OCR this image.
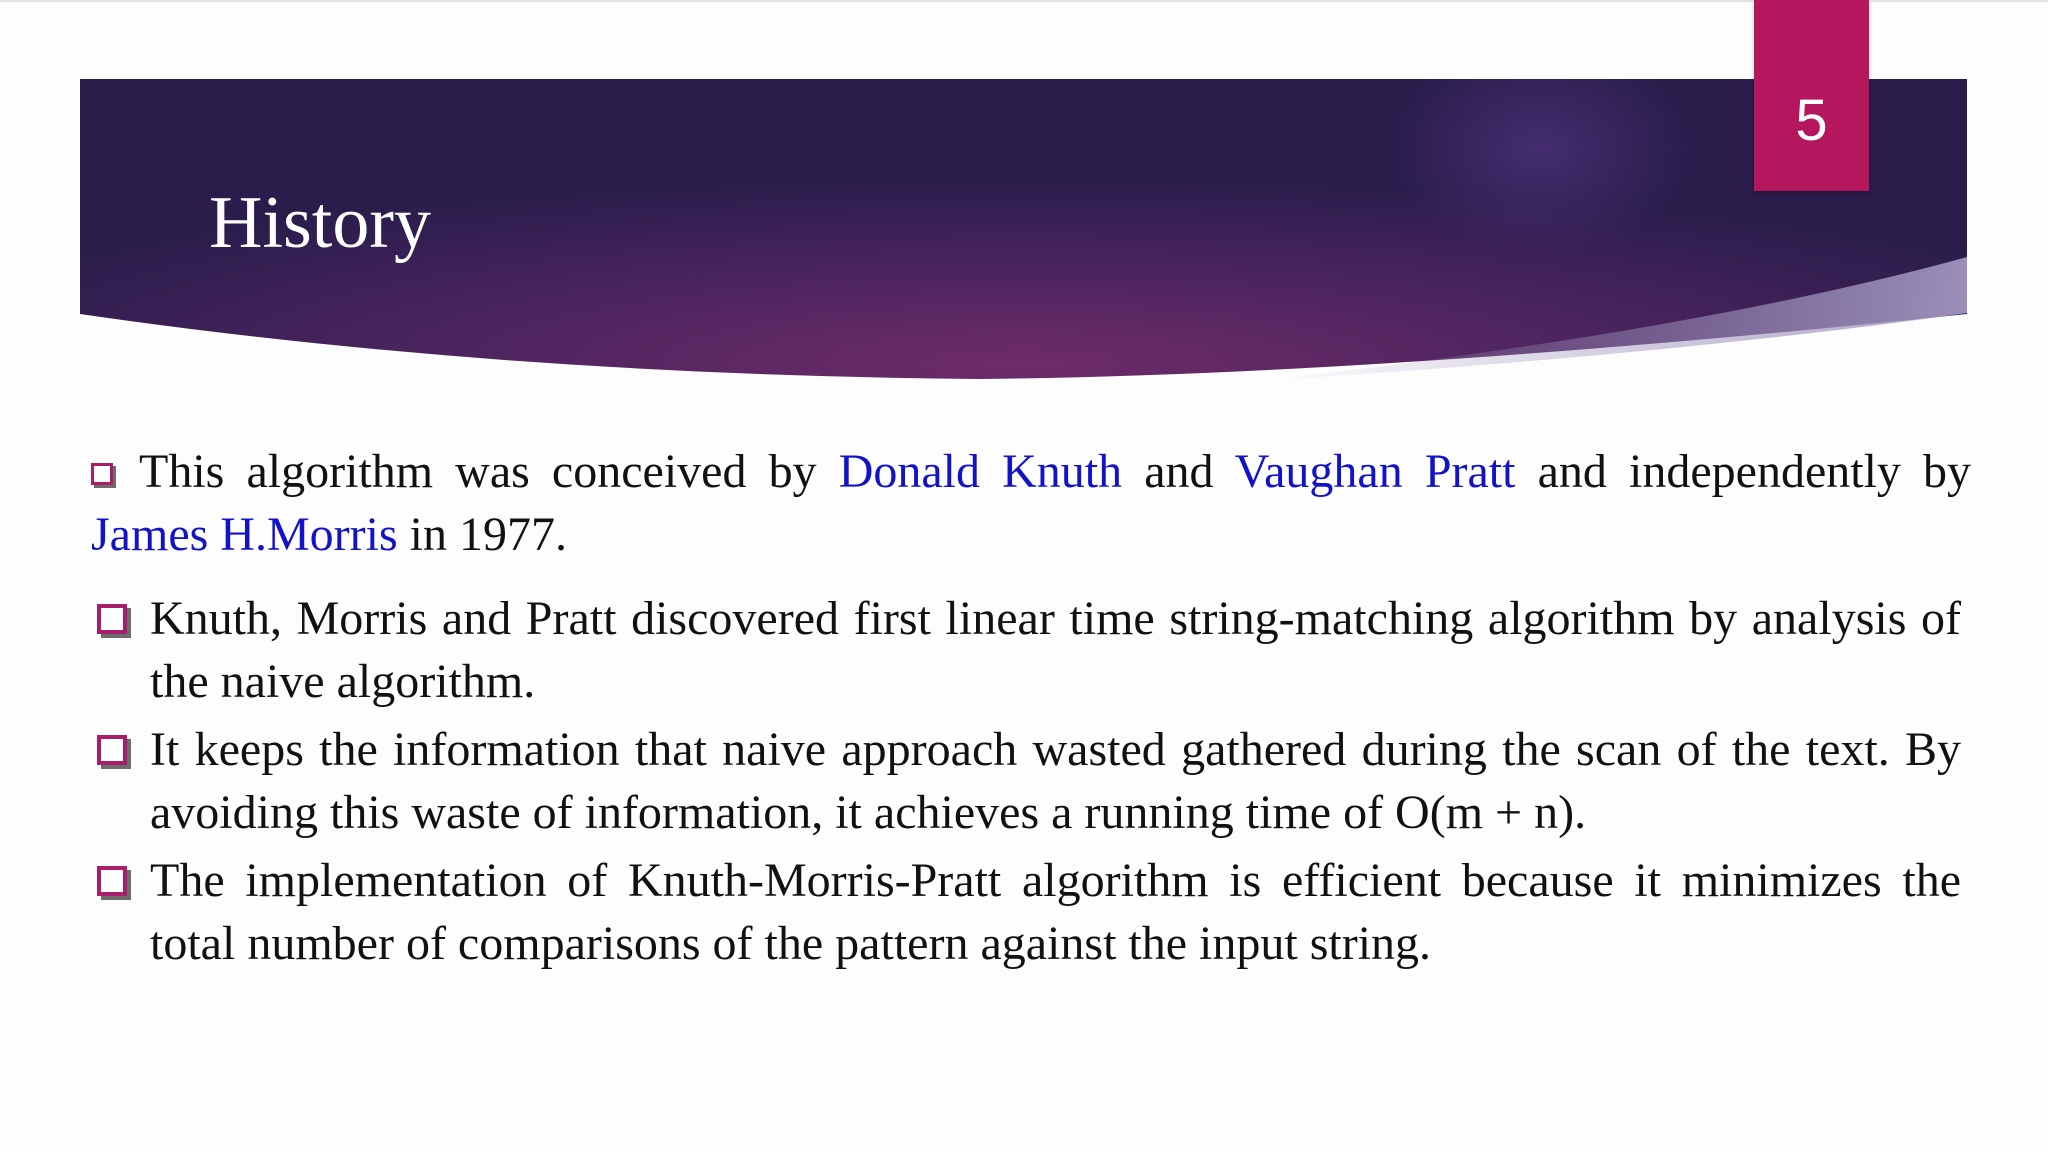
5
History
This algorithm was conceived by Donald Knuth and Vaughan Pratt and independently by James H.Morris in 1977.
Knuth, Morris and Pratt discovered first linear time string-matching algorithm by analysis of the naive algorithm.
It keeps the information that naive approach wasted gathered during the scan of the text. By avoiding this waste of information, it achieves a running time of O(m + n).
The implementation of Knuth-Morris-Pratt algorithm is efficient because it minimizes the total number of comparisons of the pattern against the input string.
